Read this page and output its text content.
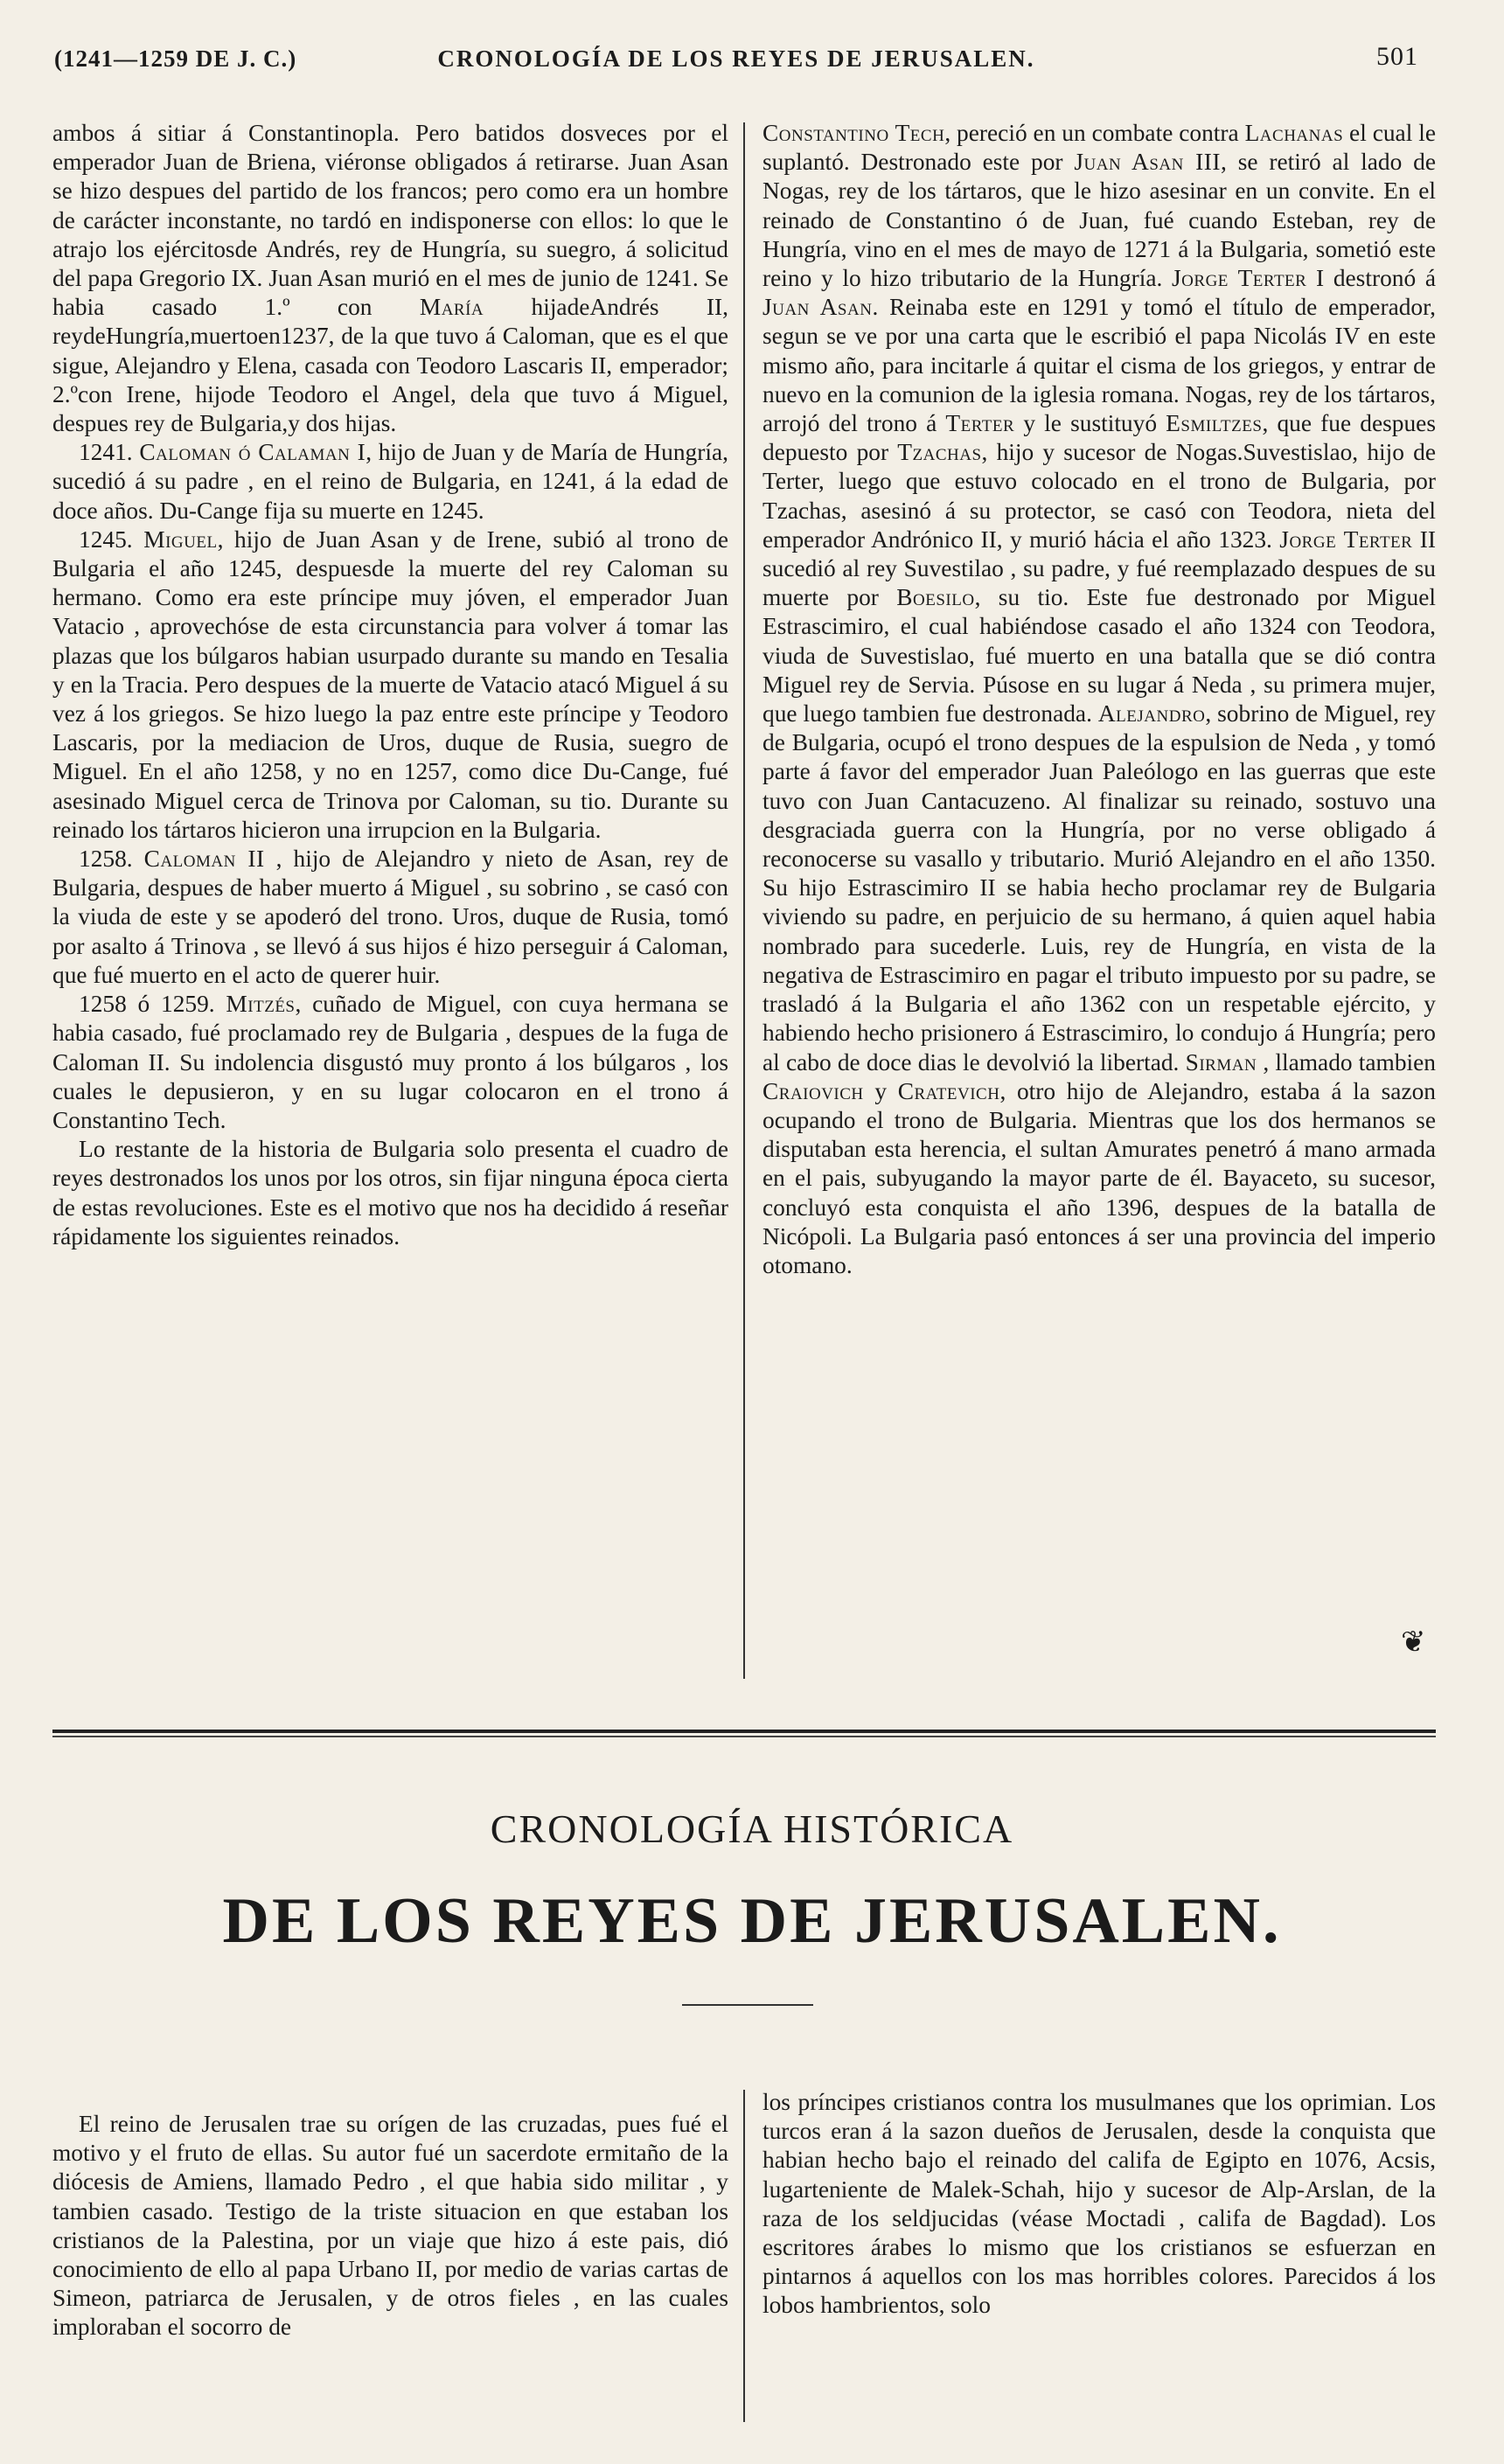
(1241—1259 DE J. C.)	CRONOLOGÍA DE LOS REYES DE JERUSALEN.	501

ambos á sitiar á Constantinopla. Pero batidos dosveces por el emperador Juan de Briena, viéronse obligados á retirarse. Juan Asan se hizo despues del partido de los francos; pero como era un hombre de carácter inconstante, no tardó en indisponerse con ellos: lo que le atrajo los ejércitosde Andrés, rey de Hungría, su suegro, á solicitud del papa Gregorio IX. Juan Asan murió en el mes de junio de 1241. Se habia casado 1.º con María hijadeAndrés II, reydeHungría,muertoen1237, de la que tuvo á Caloman, que es el que sigue, Alejandro y Elena, casada con Teodoro Lascaris II, emperador; 2.ºcon Irene, hijode Teodoro el Angel, dela que tuvo á Miguel, despues rey de Bulgaria,y dos hijas.

1241. Caloman ó Calaman I, hijo de Juan y de María de Hungría, sucedió á su padre , en el reino de Bulgaria, en 1241, á la edad de doce años. Du-Cange fija su muerte en 1245.

1245. Miguel, hijo de Juan Asan y de Irene, subió al trono de Bulgaria el año 1245, despuesde la muerte del rey Caloman su hermano. Como era este príncipe muy jóven, el emperador Juan Vatacio , aprovechóse de esta circunstancia para volver á tomar las plazas que los búlgaros habian usurpado durante su mando en Tesalia y en la Tracia. Pero despues de la muerte de Vatacio atacó Miguel á su vez á los griegos. Se hizo luego la paz entre este príncipe y Teodoro Lascaris, por la mediacion de Uros, duque de Rusia, suegro de Miguel. En el año 1258, y no en 1257, como dice Du-Cange, fué asesinado Miguel cerca de Trinova por Caloman, su tio. Durante su reinado los tártaros hicieron una irrupcion en la Bulgaria.

1258. Caloman II , hijo de Alejandro y nieto de Asan, rey de Bulgaria, despues de haber muerto á Miguel , su sobrino , se casó con la viuda de este y se apoderó del trono. Uros, duque de Rusia, tomó por asalto á Trinova , se llevó á sus hijos é hizo perseguir á Caloman, que fué muerto en el acto de querer huir.

1258 ó 1259. Mitzés, cuñado de Miguel, con cuya hermana se habia casado, fué proclamado rey de Bulgaria , despues de la fuga de Caloman II. Su indolencia disgustó muy pronto á los búlgaros , los cuales le depusieron, y en su lugar colocaron en el trono á Constantino Tech.

Lo restante de la historia de Bulgaria solo presenta el cuadro de reyes destronados los unos por los otros, sin fijar ninguna época cierta de estas revoluciones. Este es el motivo que nos ha decidido á reseñar rápidamente los siguientes reinados.

Constantino Tech, pereció en un combate contra Lachanas el cual le suplantó. Destronado este por Juan Asan III, se retiró al lado de Nogas, rey de los tártaros, que le hizo asesinar en un convite. En el reinado de Constantino ó de Juan, fué cuando Esteban, rey de Hungría, vino en el mes de mayo de 1271 á la Bulgaria, sometió este reino y lo hizo tributario de la Hungría. Jorge Terter I destronó á Juan Asan. Reinaba este en 1291 y tomó el título de emperador, segun se ve por una carta que le escribió el papa Nicolás IV en este mismo año, para incitarle á quitar el cisma de los griegos, y entrar de nuevo en la comunion de la iglesia romana. Nogas, rey de los tártaros, arrojó del trono á Terter y le sustituyó Esmiltzes, que fue despues depuesto por Tzachas, hijo y sucesor de Nogas.Suvestislao, hijo de Terter, luego que estuvo colocado en el trono de Bulgaria, por Tzachas, asesinó á su protector, se casó con Teodora, nieta del emperador Andrónico II, y murió hácia el año 1323. Jorge Terter II sucedió al rey Suvestilao , su padre, y fué reemplazado despues de su muerte por Boesilo, su tio. Este fue destronado por Miguel Estrascimiro, el cual habiéndose casado el año 1324 con Teodora, viuda de Suvestislao, fué muerto en una batalla que se dió contra Miguel rey de Servia. Púsose en su lugar á Neda , su primera mujer, que luego tambien fue destronada. Alejandro, sobrino de Miguel, rey de Bulgaria, ocupó el trono despues de la espulsion de Neda , y tomó parte á favor del emperador Juan Paleólogo en las guerras que este tuvo con Juan Cantacuzeno. Al finalizar su reinado, sostuvo una desgraciada guerra con la Hungría, por no verse obligado á reconocerse su vasallo y tributario. Murió Alejandro en el año 1350. Su hijo Estrascimiro II se habia hecho proclamar rey de Bulgaria viviendo su padre, en perjuicio de su hermano, á quien aquel habia nombrado para sucederle. Luis, rey de Hungría, en vista de la negativa de Estrascimiro en pagar el tributo impuesto por su padre, se trasladó á la Bulgaria el año 1362 con un respetable ejército, y habiendo hecho prisionero á Estrascimiro, lo condujo á Hungría; pero al cabo de doce dias le devolvió la libertad. Sirman , llamado tambien Craiovich y Cratevich, otro hijo de Alejandro, estaba á la sazon ocupando el trono de Bulgaria. Mientras que los dos hermanos se disputaban esta herencia, el sultan Amurates penetró á mano armada en el pais, subyugando la mayor parte de él. Bayaceto, su sucesor, concluyó esta conquista el año 1396, despues de la batalla de Nicópoli. La Bulgaria pasó entonces á ser una provincia del imperio otomano.

❦
CRONOLOGÍA HISTÓRICA
DE LOS REYES DE JERUSALEN.

El reino de Jerusalen trae su orígen de las cruzadas, pues fué el motivo y el fruto de ellas. Su autor fué un sacerdote ermitaño de la diócesis de Amiens, llamado Pedro , el que habia sido militar , y tambien casado. Testigo de la triste situacion en que estaban los cristianos de la Palestina, por un viaje que hizo á este pais, dió conocimiento de ello al papa Urbano II, por medio de varias cartas de Simeon, patriarca de Jerusalen, y de otros fieles , en las cuales imploraban el socorro de

los príncipes cristianos contra los musulmanes que los oprimian. Los turcos eran á la sazon dueños de Jerusalen, desde la conquista que habian hecho bajo el reinado del califa de Egipto en 1076, Acsis, lugarteniente de Malek-Schah, hijo y sucesor de Alp-Arslan, de la raza de los seldjucidas (véase Moctadi , califa de Bagdad). Los escritores árabes lo mismo que los cristianos se esfuerzan en pintarnos á aquellos con los mas horribles colores. Parecidos á los lobos hambrientos, solo
